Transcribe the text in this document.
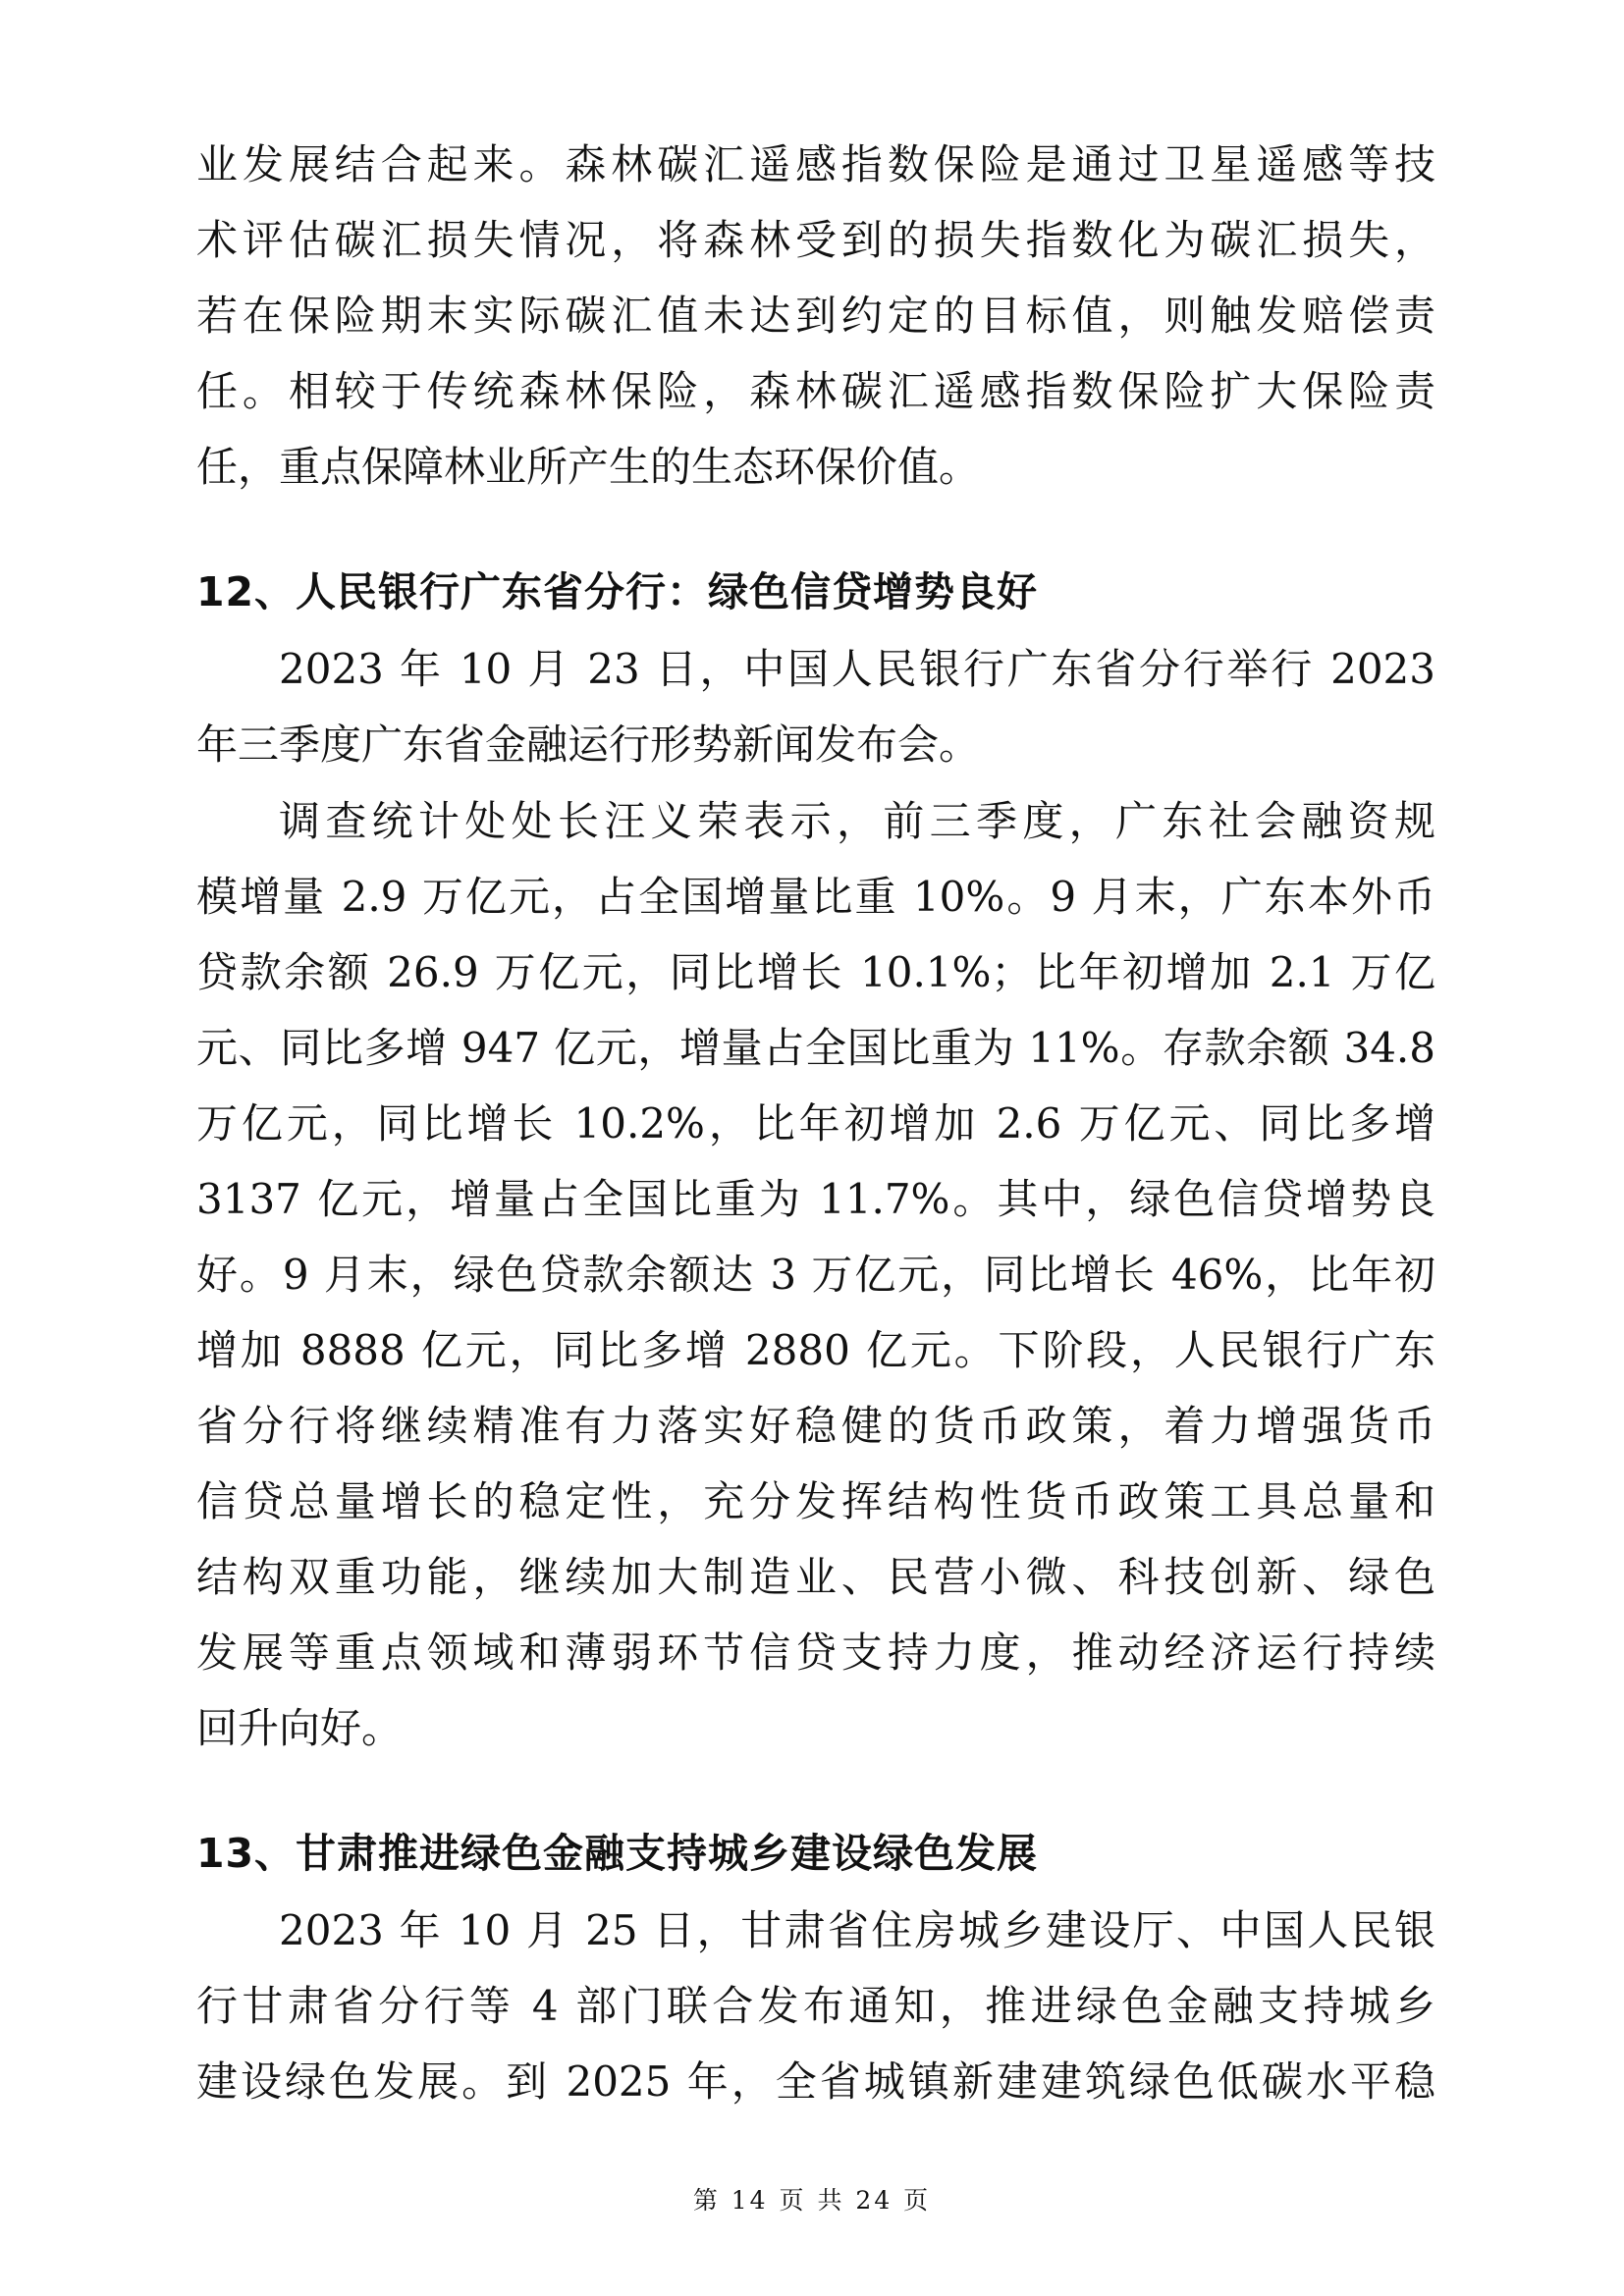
业发展结合起来。森林碳汇遥感指数保险是通过卫星遥感等技
术评估碳汇损失情况，将森林受到的损失指数化为碳汇损失，
若在保险期末实际碳汇值未达到约定的目标值，则触发赔偿责
任。相较于传统森林保险，森林碳汇遥感指数保险扩大保险责
任，重点保障林业所产生的生态环保价值。
12、人民银行广东省分行：绿色信贷增势良好
2023 年 10 月 23 日，中国人民银行广东省分行举行 2023
年三季度广东省金融运行形势新闻发布会。
调查统计处处长汪义荣表示，前三季度，广东社会融资规
模增量 2.9 万亿元，占全国增量比重 10%。9 月末，广东本外币
贷款余额 26.9 万亿元，同比增长 10.1%；比年初增加 2.1 万亿
元、同比多增 947 亿元，增量占全国比重为 11%。存款余额 34.8
万亿元，同比增长 10.2%，比年初增加 2.6 万亿元、同比多增
3137 亿元，增量占全国比重为 11.7%。其中，绿色信贷增势良
好。9 月末，绿色贷款余额达 3 万亿元，同比增长 46%，比年初
增加 8888 亿元，同比多增 2880 亿元。下阶段，人民银行广东
省分行将继续精准有力落实好稳健的货币政策，着力增强货币
信贷总量增长的稳定性，充分发挥结构性货币政策工具总量和
结构双重功能，继续加大制造业、民营小微、科技创新、绿色
发展等重点领域和薄弱环节信贷支持力度，推动经济运行持续
回升向好。
13、甘肃推进绿色金融支持城乡建设绿色发展
2023 年 10 月 25 日，甘肃省住房城乡建设厅、中国人民银
行甘肃省分行等 4 部门联合发布通知，推进绿色金融支持城乡
建设绿色发展。到 2025 年，全省城镇新建建筑绿色低碳水平稳
第 14 页 共 24 页
